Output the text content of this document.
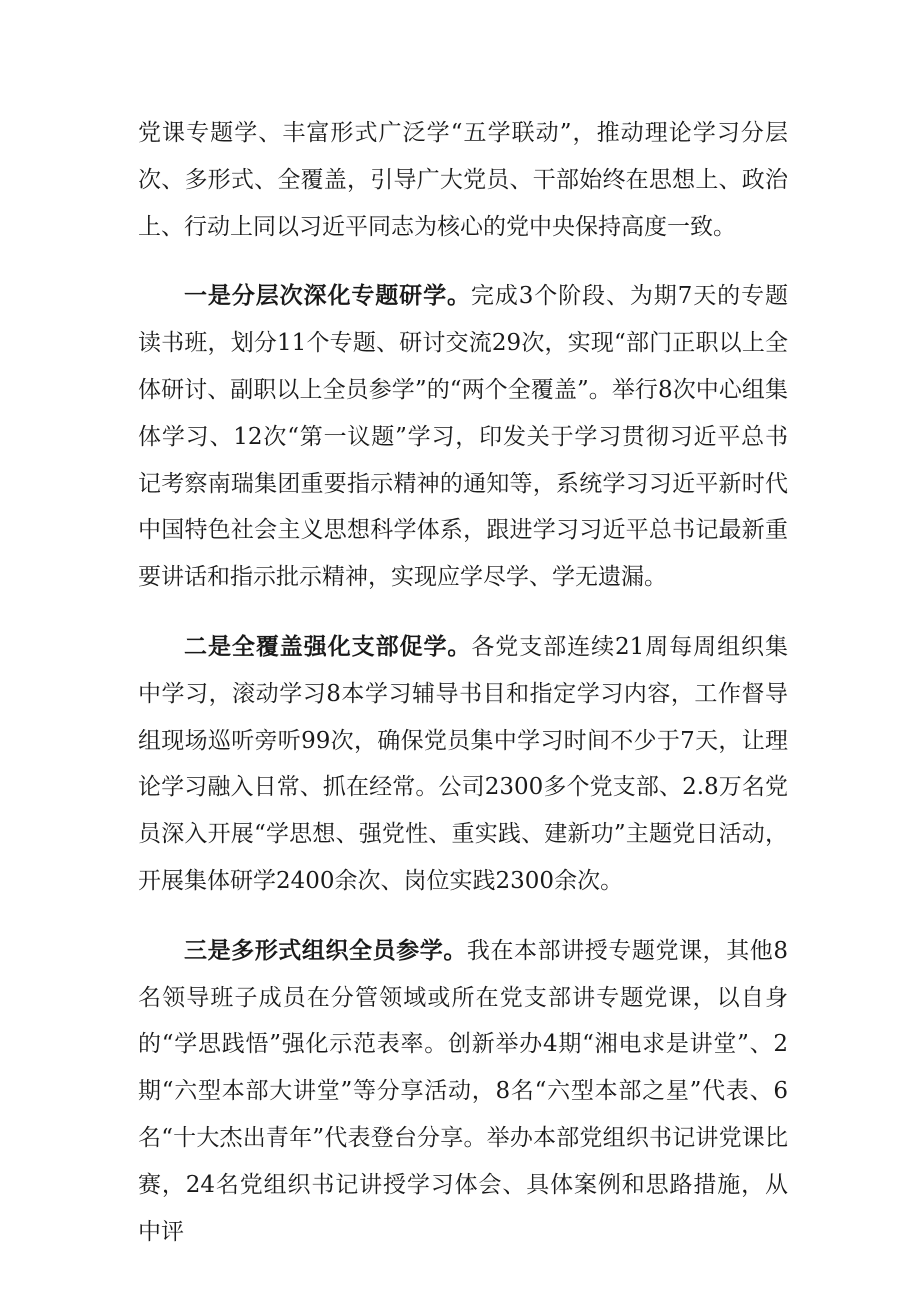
党课专题学、丰富形式广泛学“五学联动”，推动理论学习分层次、多形式、全覆盖，引导广大党员、干部始终在思想上、政治上、行动上同以习近平同志为核心的党中央保持高度一致。

一是分层次深化专题研学。完成3个阶段、为期7天的专题读书班，划分11个专题、研讨交流29次，实现“部门正职以上全体研讨、副职以上全员参学”的“两个全覆盖”。举行8次中心组集体学习、12次“第一议题”学习，印发关于学习贯彻习近平总书记考察南瑞集团重要指示精神的通知等，系统学习习近平新时代中国特色社会主义思想科学体系，跟进学习习近平总书记最新重要讲话和指示批示精神，实现应学尽学、学无遗漏。

二是全覆盖强化支部促学。各党支部连续21周每周组织集中学习，滚动学习8本学习辅导书目和指定学习内容，工作督导组现场巡听旁听99次，确保党员集中学习时间不少于7天，让理论学习融入日常、抓在经常。公司2300多个党支部、2.8万名党员深入开展“学思想、强党性、重实践、建新功”主题党日活动，开展集体研学2400余次、岗位实践2300余次。

三是多形式组织全员参学。我在本部讲授专题党课，其他8名领导班子成员在分管领域或所在党支部讲专题党课，以自身的“学思践悟”强化示范表率。创新举办4期“湘电求是讲堂”、2期“六型本部大讲堂”等分享活动，8名“六型本部之星”代表、6名“十大杰出青年”代表登台分享。举办本部党组织书记讲党课比赛，24名党组织书记讲授学习体会、具体案例和思路措施，从中评
